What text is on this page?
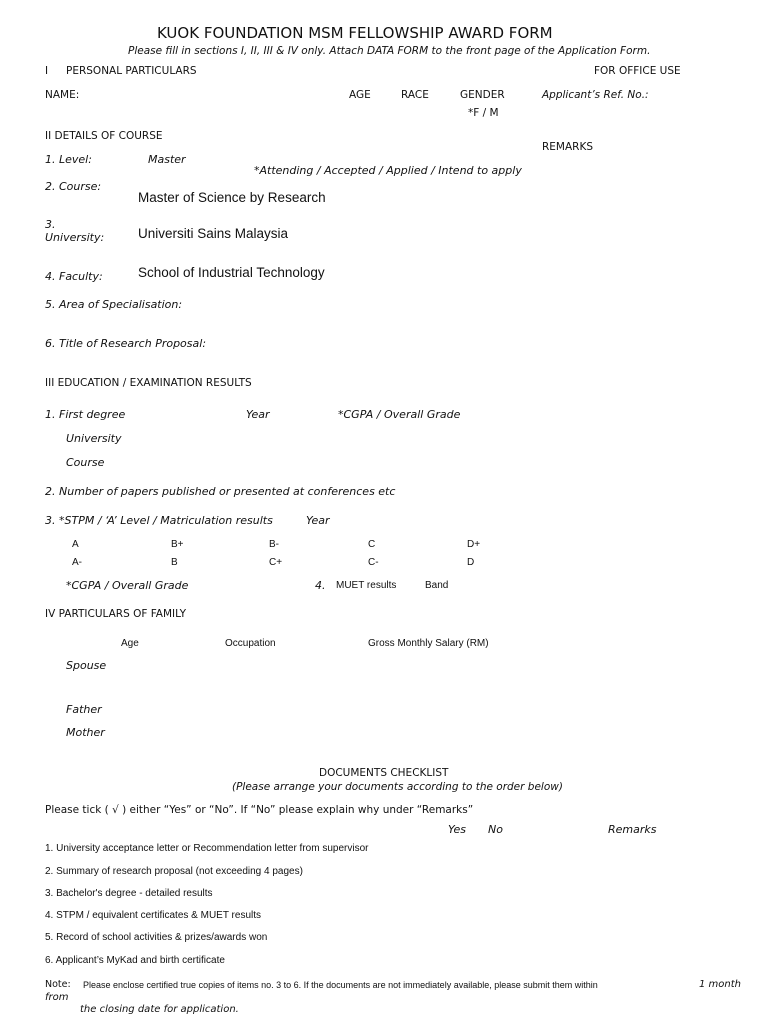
KUOK FOUNDATION MSM FELLOWSHIP AWARD FORM
Please fill in sections I, II, III & IV only. Attach DATA FORM to the front page of the Application Form.
I PERSONAL PARTICULARS	FOR OFFICE USE
NAME:	AGE	RACE	GENDER
*F / M
Applicant’s Ref. No.:
II DETAILS OF COURSE
REMARKS
1. Level:	Master
*Attending / Accepted / Applied / Intend to apply
2. Course:
Master of Science by Research
3.
University:	Universiti Sains Malaysia
4. Faculty:	School of Industrial Technology
5. Area of Specialisation:
6. Title of Research Proposal:
III EDUCATION / EXAMINATION RESULTS
1. First degree	Year	*CGPA / Overall Grade
University
Course
2. Number of papers published or presented at conferences etc
3. *STPM / ‘A’ Level / Matriculation results	Year
A	B+	B-	C	D+
A-	B	C+	C-	D
*CGPA / Overall Grade	4. MUET results	Band
IV PARTICULARS OF FAMILY
Age	Occupation	Gross Monthly Salary (RM)
Spouse
Father
Mother
DOCUMENTS CHECKLIST
(Please arrange your documents according to the order below)
Please tick ( √ ) either “Yes” or “No”. If “No” please explain why under “Remarks”
Yes No	Remarks
1. University acceptance letter or Recommendation letter from supervisor
2. Summary of research proposal (not exceeding 4 pages)
3. Bachelor's degree - detailed results
4. STPM / equivalent certificates & MUET results
5. Record of school activities & prizes/awards won
6. Applicant’s MyKad and birth certificate
Note: Please enclose certified true copies of items no. 3 to 6. If the documents are not immediately available, please submit them within	1 month
from
the closing date for application.
